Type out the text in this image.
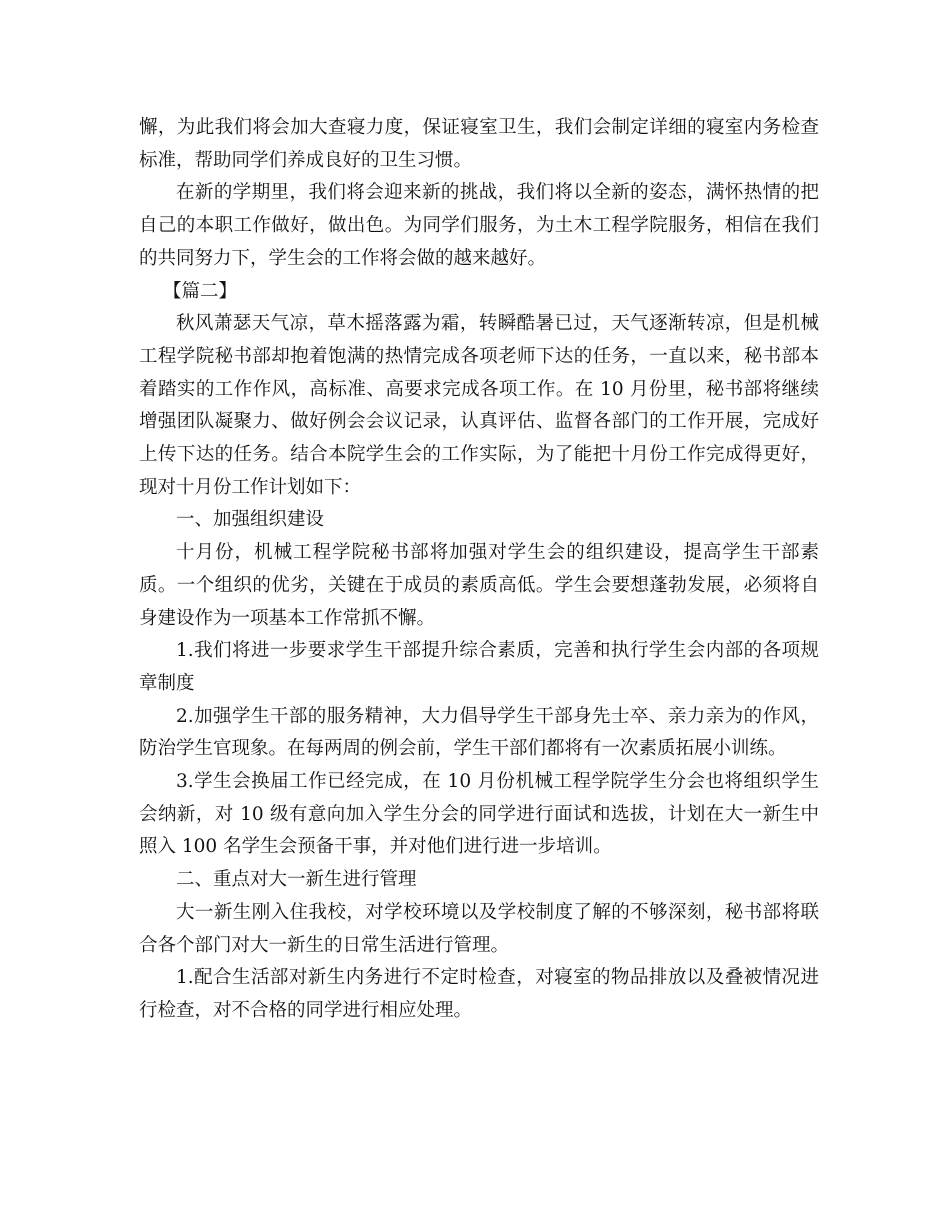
懈，为此我们将会加大查寝力度，保证寝室卫生，我们会制定详细的寝室内务检查标准，帮助同学们养成良好的卫生习惯。

在新的学期里，我们将会迎来新的挑战，我们将以全新的姿态，满怀热情的把自己的本职工作做好，做出色。为同学们服务，为土木工程学院服务，相信在我们的共同努力下，学生会的工作将会做的越来越好。

【篇二】

秋风萧瑟天气凉，草木摇落露为霜，转瞬酷暑已过，天气逐渐转凉，但是机械工程学院秘书部却抱着饱满的热情完成各项老师下达的任务，一直以来，秘书部本着踏实的工作作风，高标准、高要求完成各项工作。在 10 月份里，秘书部将继续增强团队凝聚力、做好例会会议记录，认真评估、监督各部门的工作开展，完成好上传下达的任务。结合本院学生会的工作实际，为了能把十月份工作完成得更好，现对十月份工作计划如下：

一、加强组织建设

十月份，机械工程学院秘书部将加强对学生会的组织建设，提高学生干部素质。一个组织的优劣，关键在于成员的素质高低。学生会要想蓬勃发展，必须将自身建设作为一项基本工作常抓不懈。

1.我们将进一步要求学生干部提升综合素质，完善和执行学生会内部的各项规章制度

2.加强学生干部的服务精神，大力倡导学生干部身先士卒、亲力亲为的作风，防治学生官现象。在每两周的例会前，学生干部们都将有一次素质拓展小训练。

3.学生会换届工作已经完成，在 10 月份机械工程学院学生分会也将组织学生会纳新，对 10 级有意向加入学生分会的同学进行面试和选拔，计划在大一新生中照入 100 名学生会预备干事，并对他们进行进一步培训。

二、重点对大一新生进行管理

大一新生刚入住我校，对学校环境以及学校制度了解的不够深刻，秘书部将联合各个部门对大一新生的日常生活进行管理。

1.配合生活部对新生内务进行不定时检查，对寝室的物品排放以及叠被情况进行检查，对不合格的同学进行相应处理。
